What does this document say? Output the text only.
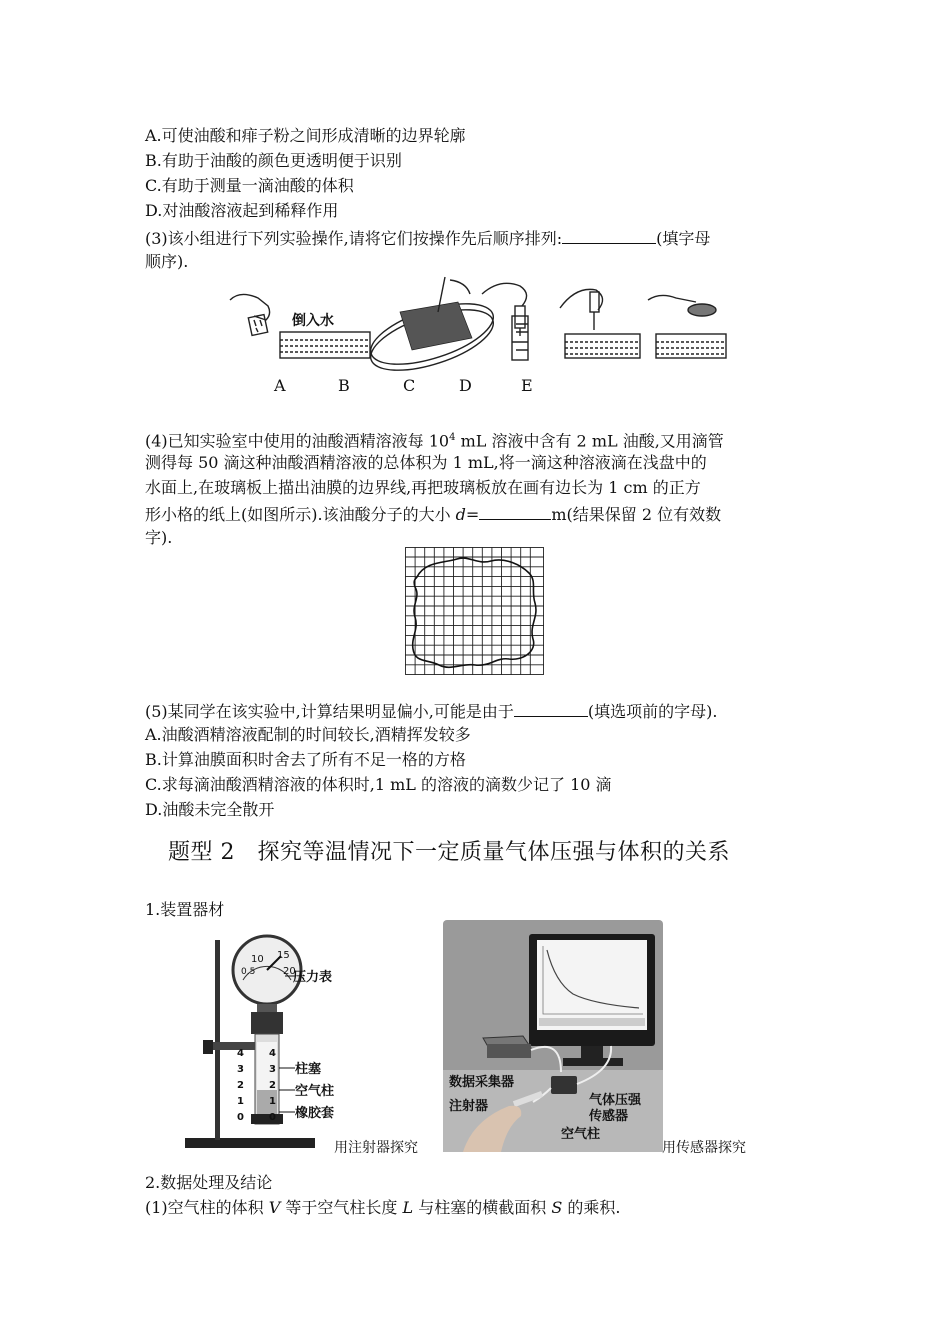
A.可使油酸和痱子粉之间形成清晰的边界轮廓
B.有助于油酸的颜色更透明便于识别
C.有助于测量一滴油酸的体积
D.对油酸溶液起到稀释作用
(3)该小组进行下列实验操作,请将它们按操作先后顺序排列:	(填字母
顺序).
倒入水
A	B	C	D	E
(4)已知实验室中使用的油酸酒精溶液每 $10^4$ mL 溶液中含有 2 mL 油酸,又用滴管
测得每 50 滴这种油酸酒精溶液的总体积为 1 mL,将一滴这种溶液滴在浅盘中的
水面上,在玻璃板上描出油膜的边界线,再把玻璃板放在画有边长为 1 cm 的正方
形小格的纸上(如图所示).该油酸分子的大小 d=	m(结果保留 2 位有效数
字).
(5)某同学在该实验中,计算结果明显偏小,可能是由于	(填选项前的字母).
A.油酸酒精溶液配制的时间较长,酒精挥发较多
B.计算油膜面积时舍去了所有不足一格的方格
C.求每滴油酸酒精溶液的体积时,1 mL 的溶液的滴数少记了 10 滴
D.油酸未完全散开
题型 2　探究等温情况下一定质量气体压强与体积的关系
1.装置器材
10 15
0.5	20
4
3
2
1
0
4
3
2
1
0
压力表
柱塞
空气柱
橡胶套
用注射器探究
数据采集器
注射器	气体压强
传感器
空气柱
用传感器探究
2.数据处理及结论
(1)空气柱的体积 V 等于空气柱长度 L 与柱塞的横截面积 S 的乘积.
